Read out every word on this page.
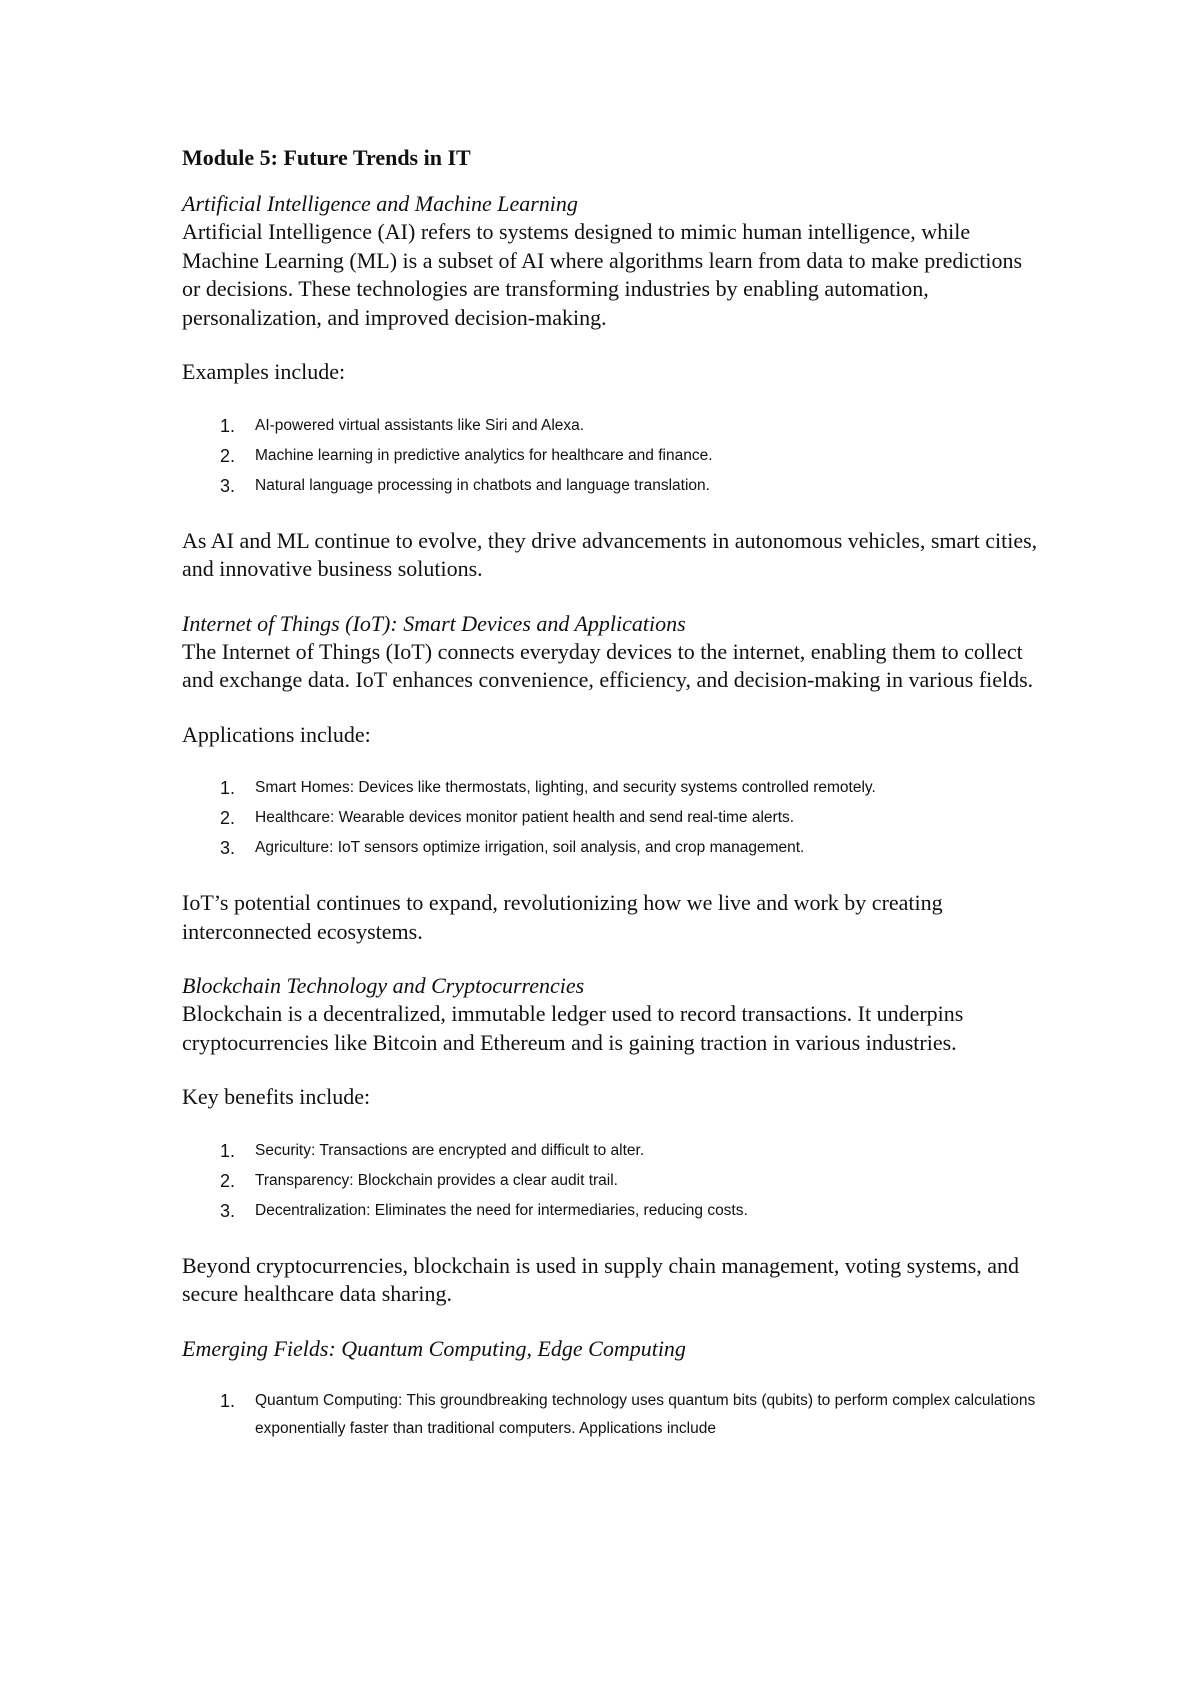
Module 5: Future Trends in IT
Artificial Intelligence and Machine Learning
Artificial Intelligence (AI) refers to systems designed to mimic human intelligence, while Machine Learning (ML) is a subset of AI where algorithms learn from data to make predictions or decisions. These technologies are transforming industries by enabling automation, personalization, and improved decision-making.
Examples include:
1. AI-powered virtual assistants like Siri and Alexa.
2. Machine learning in predictive analytics for healthcare and finance.
3. Natural language processing in chatbots and language translation.
As AI and ML continue to evolve, they drive advancements in autonomous vehicles, smart cities, and innovative business solutions.
Internet of Things (IoT): Smart Devices and Applications
The Internet of Things (IoT) connects everyday devices to the internet, enabling them to collect and exchange data. IoT enhances convenience, efficiency, and decision-making in various fields.
Applications include:
1. Smart Homes: Devices like thermostats, lighting, and security systems controlled remotely.
2. Healthcare: Wearable devices monitor patient health and send real-time alerts.
3. Agriculture: IoT sensors optimize irrigation, soil analysis, and crop management.
IoT’s potential continues to expand, revolutionizing how we live and work by creating interconnected ecosystems.
Blockchain Technology and Cryptocurrencies
Blockchain is a decentralized, immutable ledger used to record transactions. It underpins cryptocurrencies like Bitcoin and Ethereum and is gaining traction in various industries.
Key benefits include:
1. Security: Transactions are encrypted and difficult to alter.
2. Transparency: Blockchain provides a clear audit trail.
3. Decentralization: Eliminates the need for intermediaries, reducing costs.
Beyond cryptocurrencies, blockchain is used in supply chain management, voting systems, and secure healthcare data sharing.
Emerging Fields: Quantum Computing, Edge Computing
1. Quantum Computing: This groundbreaking technology uses quantum bits (qubits) to perform complex calculations exponentially faster than traditional computers. Applications include
